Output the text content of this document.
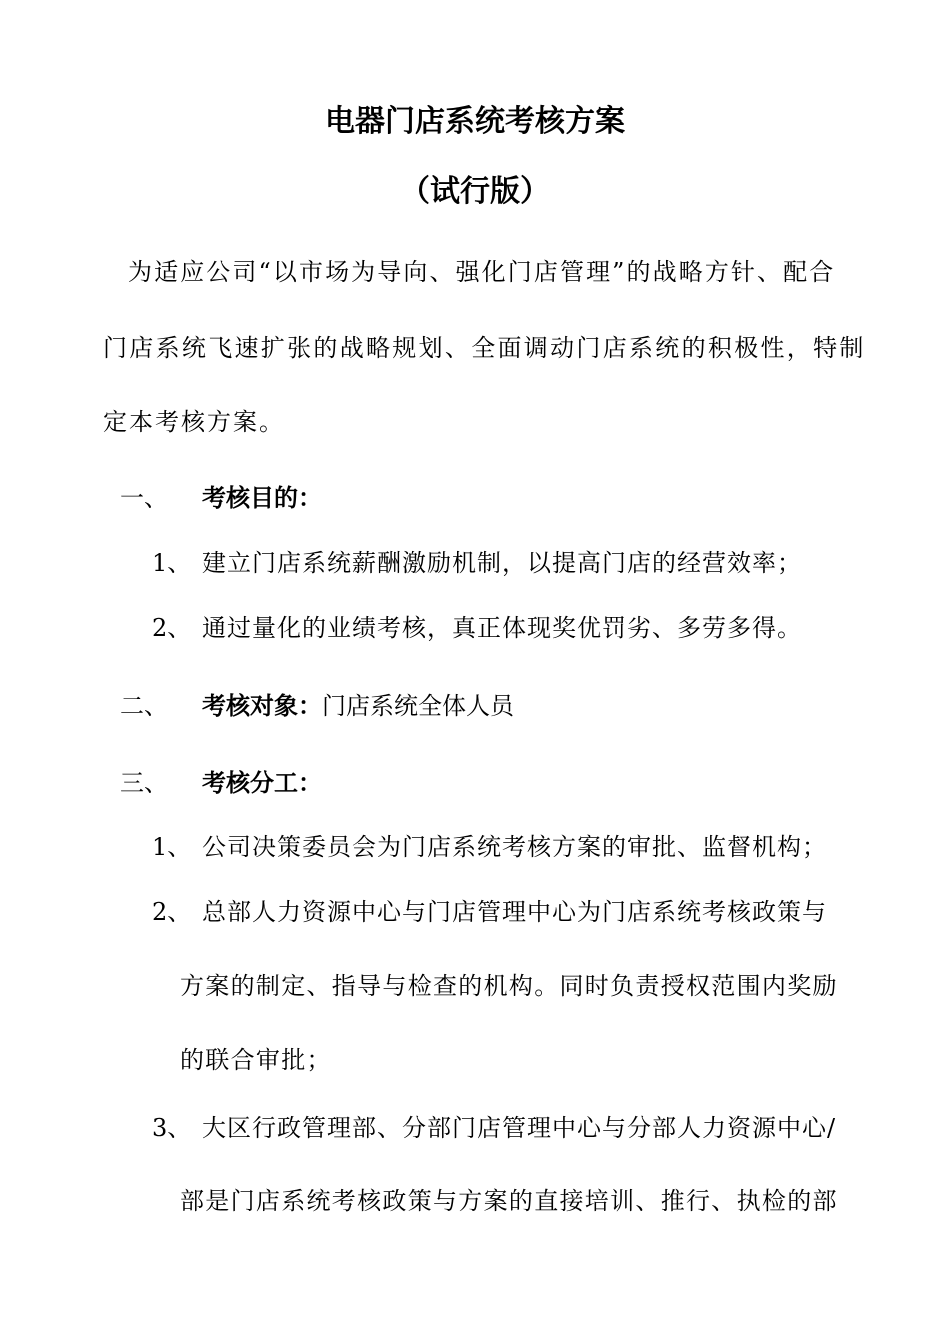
电器门店系统考核方案
（试行版）
为适应公司“以市场为导向、强化门店管理”的战略方针、配合
门店系统飞速扩张的战略规划、全面调动门店系统的积极性，特制
定本考核方案。
一、 考核目的：
1、 建立门店系统薪酬激励机制，以提高门店的经营效率；
2、 通过量化的业绩考核，真正体现奖优罚劣、多劳多得。
二、 考核对象：门店系统全体人员
三、 考核分工：
1、 公司决策委员会为门店系统考核方案的审批、监督机构；
2、 总部人力资源中心与门店管理中心为门店系统考核政策与
方案的制定、指导与检查的机构。同时负责授权范围内奖励
的联合审批；
3、 大区行政管理部、分部门店管理中心与分部人力资源中心/
部是门店系统考核政策与方案的直接培训、推行、执检的部
